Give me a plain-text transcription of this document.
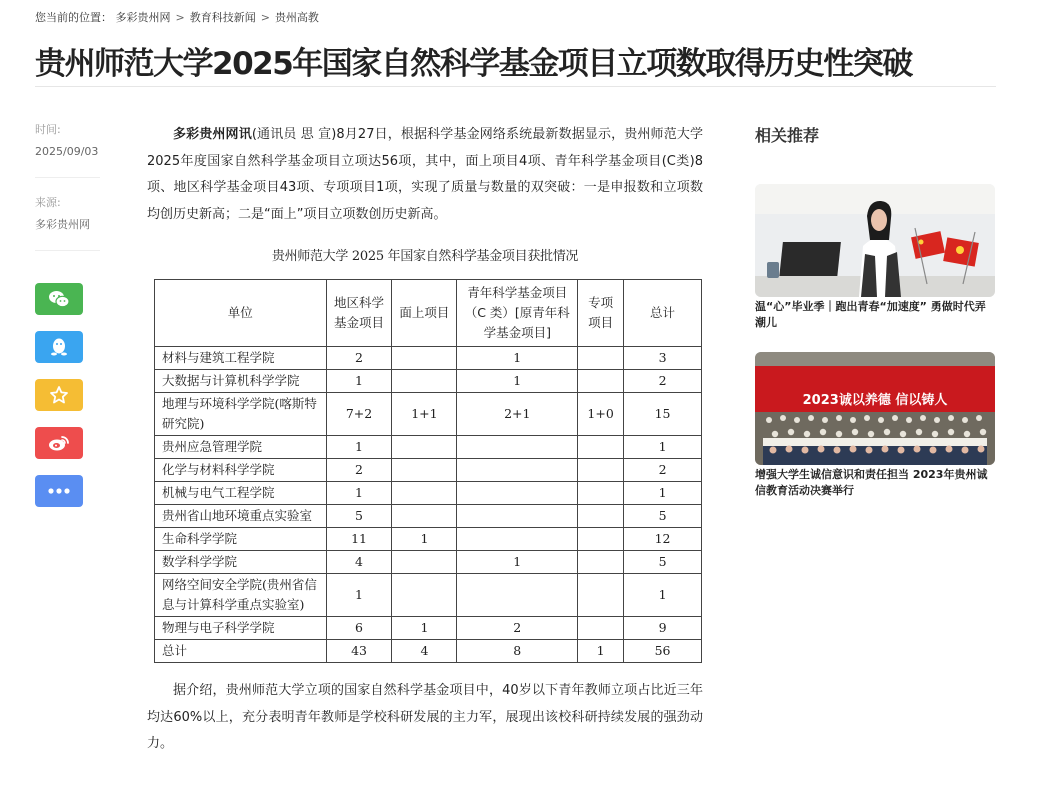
您当前的位置： 多彩贵州网 > 教育科技新闻 > 贵州高教
贵州师范大学2025年国家自然科学基金项目立项数取得历史性突破
时间:
2025/09/03
来源:
多彩贵州网

多彩贵州网讯(通讯员 思 宣)8月27日，根据科学基金网络系统最新数据显示，贵州师范大学2025年度国家自然科学基金项目立项达56项，其中，面上项目4项、青年科学基金项目(C类)8项、地区科学基金项目43项、专项项目1项，实现了质量与数量的双突破：一是申报数和立项数均创历史新高；二是“面上”项目立项数创历史新高。

贵州师范大学 2025 年国家自然科学基金项目获批情况
单位	地区科学基金项目	面上项目	青年科学基金项目（C 类）[原青年科学基金项目]	专项项目	总计
材料与建筑工程学院	2		1		3
大数据与计算机科学学院	1		1		2
地理与环境科学学院(喀斯特研究院)	7+2	1+1	2+1	1+0	15
贵州应急管理学院	1				1
化学与材料科学学院	2				2
机械与电气工程学院	1				1
贵州省山地环境重点实验室	5				5
生命科学学院	11	1			12
数学科学学院	4		1		5
网络空间安全学院(贵州省信息与计算科学重点实验室)	1				1
物理与电子科学学院	6	1	2		9
总计	43	4	8	1	56

据介绍，贵州师范大学立项的国家自然科学基金项目中，40岁以下青年教师立项占比近三年均达60%以上，充分表明青年教师是学校科研发展的主力军，展现出该校科研持续发展的强劲动力。

相关推荐
温“心”毕业季｜跑出青春“加速度” 勇做时代弄潮儿
2023诚以养德 信以铸人
增强大学生诚信意识和责任担当 2023年贵州诚信教育活动决赛举行
